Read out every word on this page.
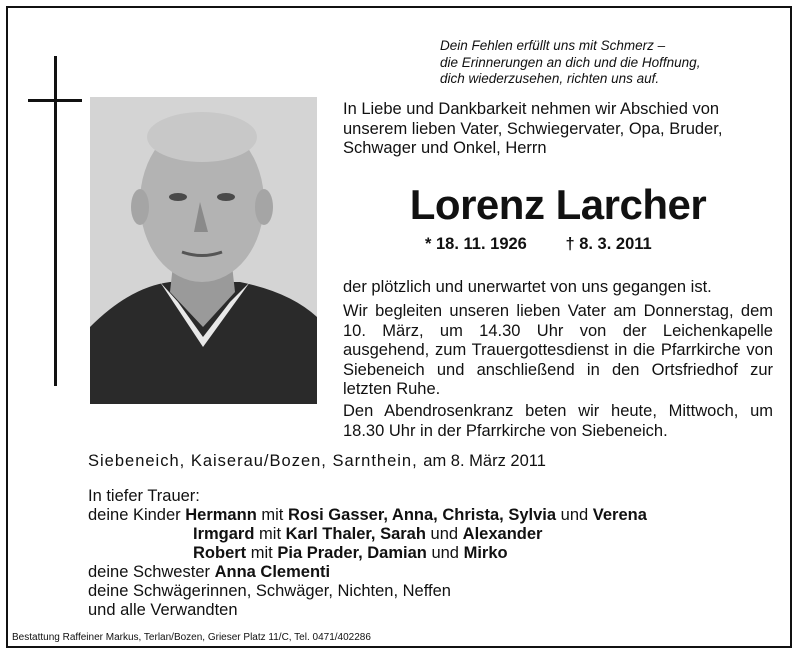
Dein Fehlen erfüllt uns mit Schmerz –
die Erinnerungen an dich und die Hoffnung,
dich wiederzusehen, richten uns auf.
In Liebe und Dankbarkeit nehmen wir Abschied von unserem lieben Vater, Schwiegervater, Opa, Bruder, Schwager und Onkel, Herrn
Lorenz Larcher
* 18. 11. 1926 † 8. 3. 2011
der plötzlich und unerwartet von uns gegangen ist.
Wir begleiten unseren lieben Vater am Donnerstag, dem 10. März, um 14.30 Uhr von der Leichenkapelle ausgehend, zum Trauergottesdienst in die Pfarrkirche von Siebeneich und anschließend in den Ortsfriedhof zur letzten Ruhe.
Den Abendrosenkranz beten wir heute, Mittwoch, um 18.30 Uhr in der Pfarrkirche von Siebeneich.
Siebeneich, Kaiserau/Bozen, Sarnthein, am 8. März 2011
In tiefer Trauer:
deine Kinder Hermann mit Rosi Gasser, Anna, Christa, Sylvia und Verena
Irmgard mit Karl Thaler, Sarah und Alexander
Robert mit Pia Prader, Damian und Mirko
deine Schwester Anna Clementi
deine Schwägerinnen, Schwäger, Nichten, Neffen
und alle Verwandten
Bestattung Raffeiner Markus, Terlan/Bozen, Grieser Platz 11/C, Tel. 0471/402286
